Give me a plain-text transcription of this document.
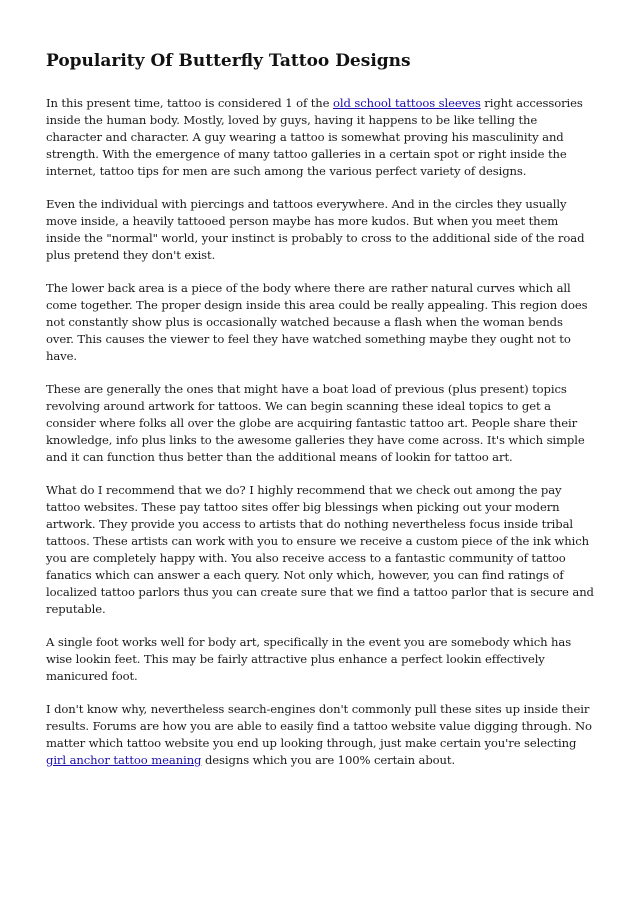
Popularity Of Butterfly Tattoo Designs

In this present time, tattoo is considered 1 of the old school tattoos sleeves right accessories inside the human body. Mostly, loved by guys, having it happens to be like telling the character and character. A guy wearing a tattoo is somewhat proving his masculinity and strength. With the emergence of many tattoo galleries in a certain spot or right inside the internet, tattoo tips for men are such among the various perfect variety of designs.

Even the individual with piercings and tattoos everywhere. And in the circles they usually move inside, a heavily tattooed person maybe has more kudos. But when you meet them inside the "normal" world, your instinct is probably to cross to the additional side of the road plus pretend they don't exist.

The lower back area is a piece of the body where there are rather natural curves which all come together. The proper design inside this area could be really appealing. This region does not constantly show plus is occasionally watched because a flash when the woman bends over. This causes the viewer to feel they have watched something maybe they ought not to have.

These are generally the ones that might have a boat load of previous (plus present) topics revolving around artwork for tattoos. We can begin scanning these ideal topics to get a consider where folks all over the globe are acquiring fantastic tattoo art. People share their knowledge, info plus links to the awesome galleries they have come across. It's which simple and it can function thus better than the additional means of lookin for tattoo art.

What do I recommend that we do? I highly recommend that we check out among the pay tattoo websites. These pay tattoo sites offer big blessings when picking out your modern artwork. They provide you access to artists that do nothing nevertheless focus inside tribal tattoos. These artists can work with you to ensure we receive a custom piece of the ink which you are completely happy with. You also receive access to a fantastic community of tattoo fanatics which can answer a each query. Not only which, however, you can find ratings of localized tattoo parlors thus you can create sure that we find a tattoo parlor that is secure and reputable.

A single foot works well for body art, specifically in the event you are somebody which has wise lookin feet. This may be fairly attractive plus enhance a perfect lookin effectively manicured foot.

I don't know why, nevertheless search-engines don't commonly pull these sites up inside their results. Forums are how you are able to easily find a tattoo website value digging through. No matter which tattoo website you end up looking through, just make certain you're selecting girl anchor tattoo meaning designs which you are 100% certain about.
